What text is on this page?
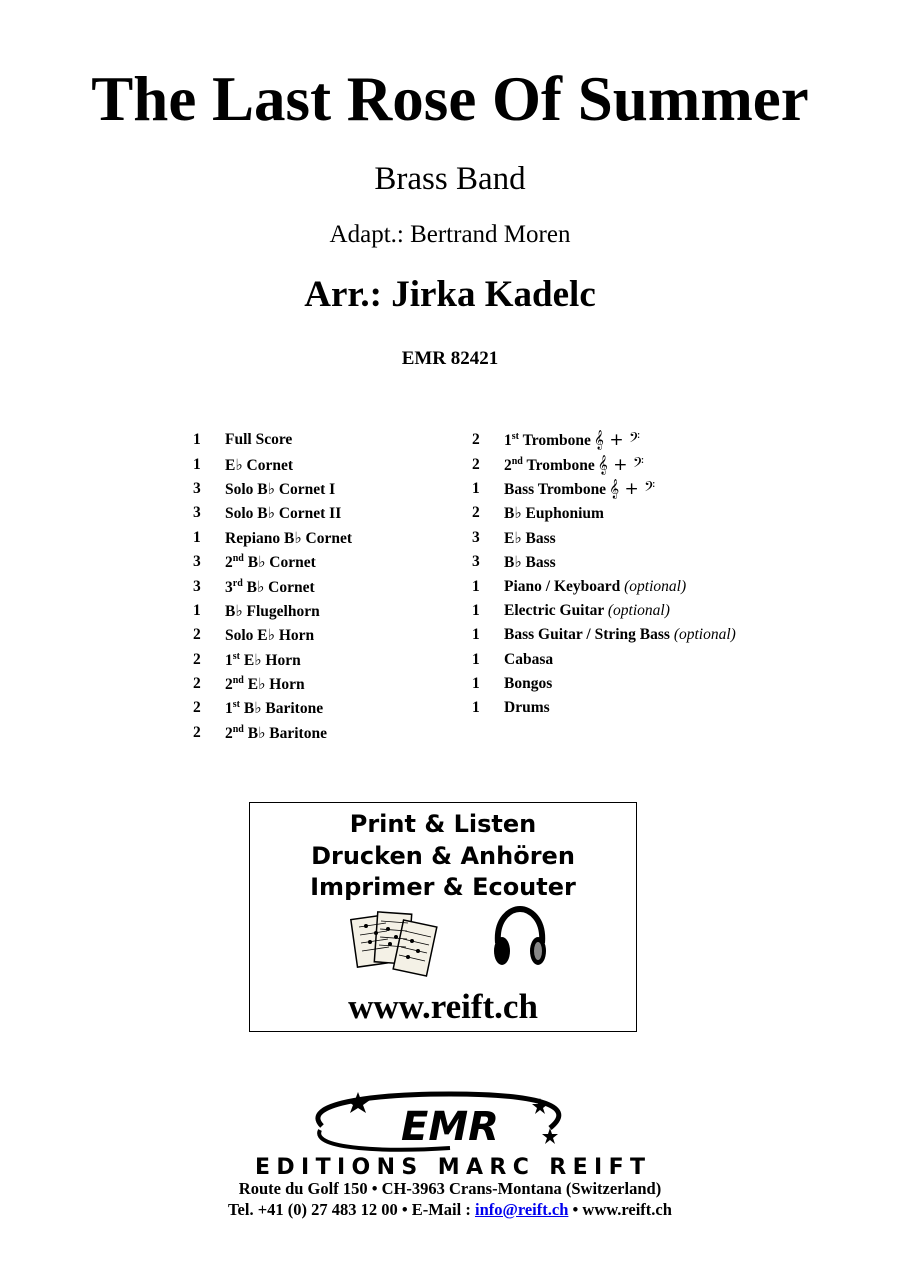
The Last Rose Of Summer
Brass Band
Adapt.: Bertrand Moren
Arr.: Jirka Kadelc
EMR 82421
1	Full Score
1	E♭ Cornet
3	Solo B♭ Cornet I
3	Solo B♭ Cornet II
1	Repiano B♭ Cornet
3	2nd B♭ Cornet
3	3rd B♭ Cornet
1	B♭ Flugelhorn
2	Solo E♭ Horn
2	1st E♭ Horn
2	2nd E♭ Horn
2	1st B♭ Baritone
2	2nd B♭ Baritone
2	1st Trombone 𝄞 + 𝄢
2	2nd Trombone 𝄞 + 𝄢
1	Bass Trombone 𝄞 + 𝄢
2	B♭ Euphonium
3	E♭ Bass
3	B♭ Bass
1	Piano / Keyboard (optional)
1	Electric Guitar (optional)
1	Bass Guitar / String Bass (optional)
1	Cabasa
1	Bongos
1	Drums
Print & Listen
Drucken & Anhören
Imprimer & Ecouter
www.reift.ch
EMR
EDITIONS MARC REIFT
Route du Golf 150 • CH-3963 Crans-Montana (Switzerland)
Tel. +41 (0) 27 483 12 00 • E-Mail : info@reift.ch • www.reift.ch
